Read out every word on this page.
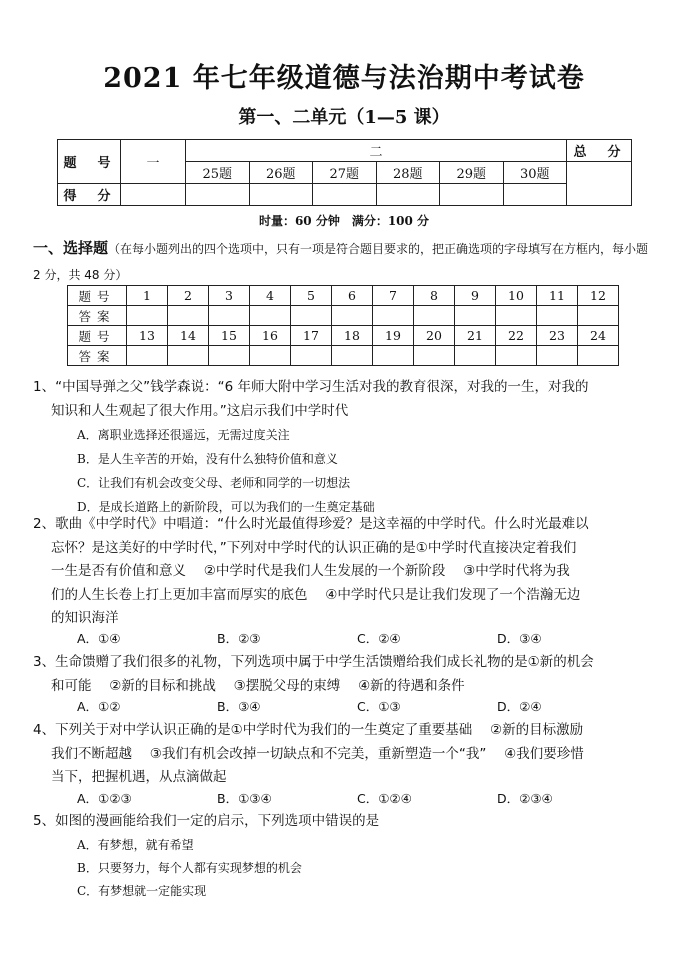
2021 年七年级道德与法治期中考试卷
第一、二单元（1—5 课）
题　号	一	二						总　分
		25题	26题	27题	28题	29题	30题	
得　分								
时量：60 分钟　满分：100 分
一、选择题（在每小题列出的四个选项中，只有一项是符合题目要求的，把正确选项的字母填写在方框内，每小题 2 分，共 48 分）
题号	1	2	3	4	5	6	7	8	9	10	11	12
答案												
题号	13	14	15	16	17	18	19	20	21	22	23	24
答案												
1、“中国导弹之父”钱学森说：“6 年师大附中学习生活对我的教育很深，对我的一生，对我的
知识和人生观起了很大作用。”这启示我们中学时代
A．离职业选择还很遥远，无需过度关注
B．是人生辛苦的开始，没有什么独特价值和意义
C．让我们有机会改变父母、老师和同学的一切想法
D．是成长道路上的新阶段，可以为我们的一生奠定基础
2、歌曲《中学时代》中唱道：“什么时光最值得珍爱？是这幸福的中学时代。什么时光最难以
忘怀？是这美好的中学时代，”下列对中学时代的认识正确的是①中学时代直接决定着我们
一生是否有价值和意义　 ②中学时代是我们人生发展的一个新阶段　 ③中学时代将为我
们的人生长卷上打上更加丰富而厚实的底色　 ④中学时代只是让我们发现了一个浩瀚无边
的知识海洋
A．①④	B．②③	C．②④	D．③④
3、生命馈赠了我们很多的礼物，下列选项中属于中学生活馈赠给我们成长礼物的是①新的机会
和可能　 ②新的目标和挑战　 ③摆脱父母的束缚　 ④新的待遇和条件
A．①②	B．③④	C．①③	D．②④
4、下列关于对中学认识正确的是①中学时代为我们的一生奠定了重要基础　 ②新的目标激励
我们不断超越　 ③我们有机会改掉一切缺点和不完美，重新塑造一个“我”　 ④我们要珍惜
当下，把握机遇，从点滴做起
A．①②③	B．①③④	C．①②④	D．②③④
5、如图的漫画能给我们一定的启示，下列选项中错误的是
A．有梦想，就有希望
B．只要努力，每个人都有实现梦想的机会
C．有梦想就一定能实现
